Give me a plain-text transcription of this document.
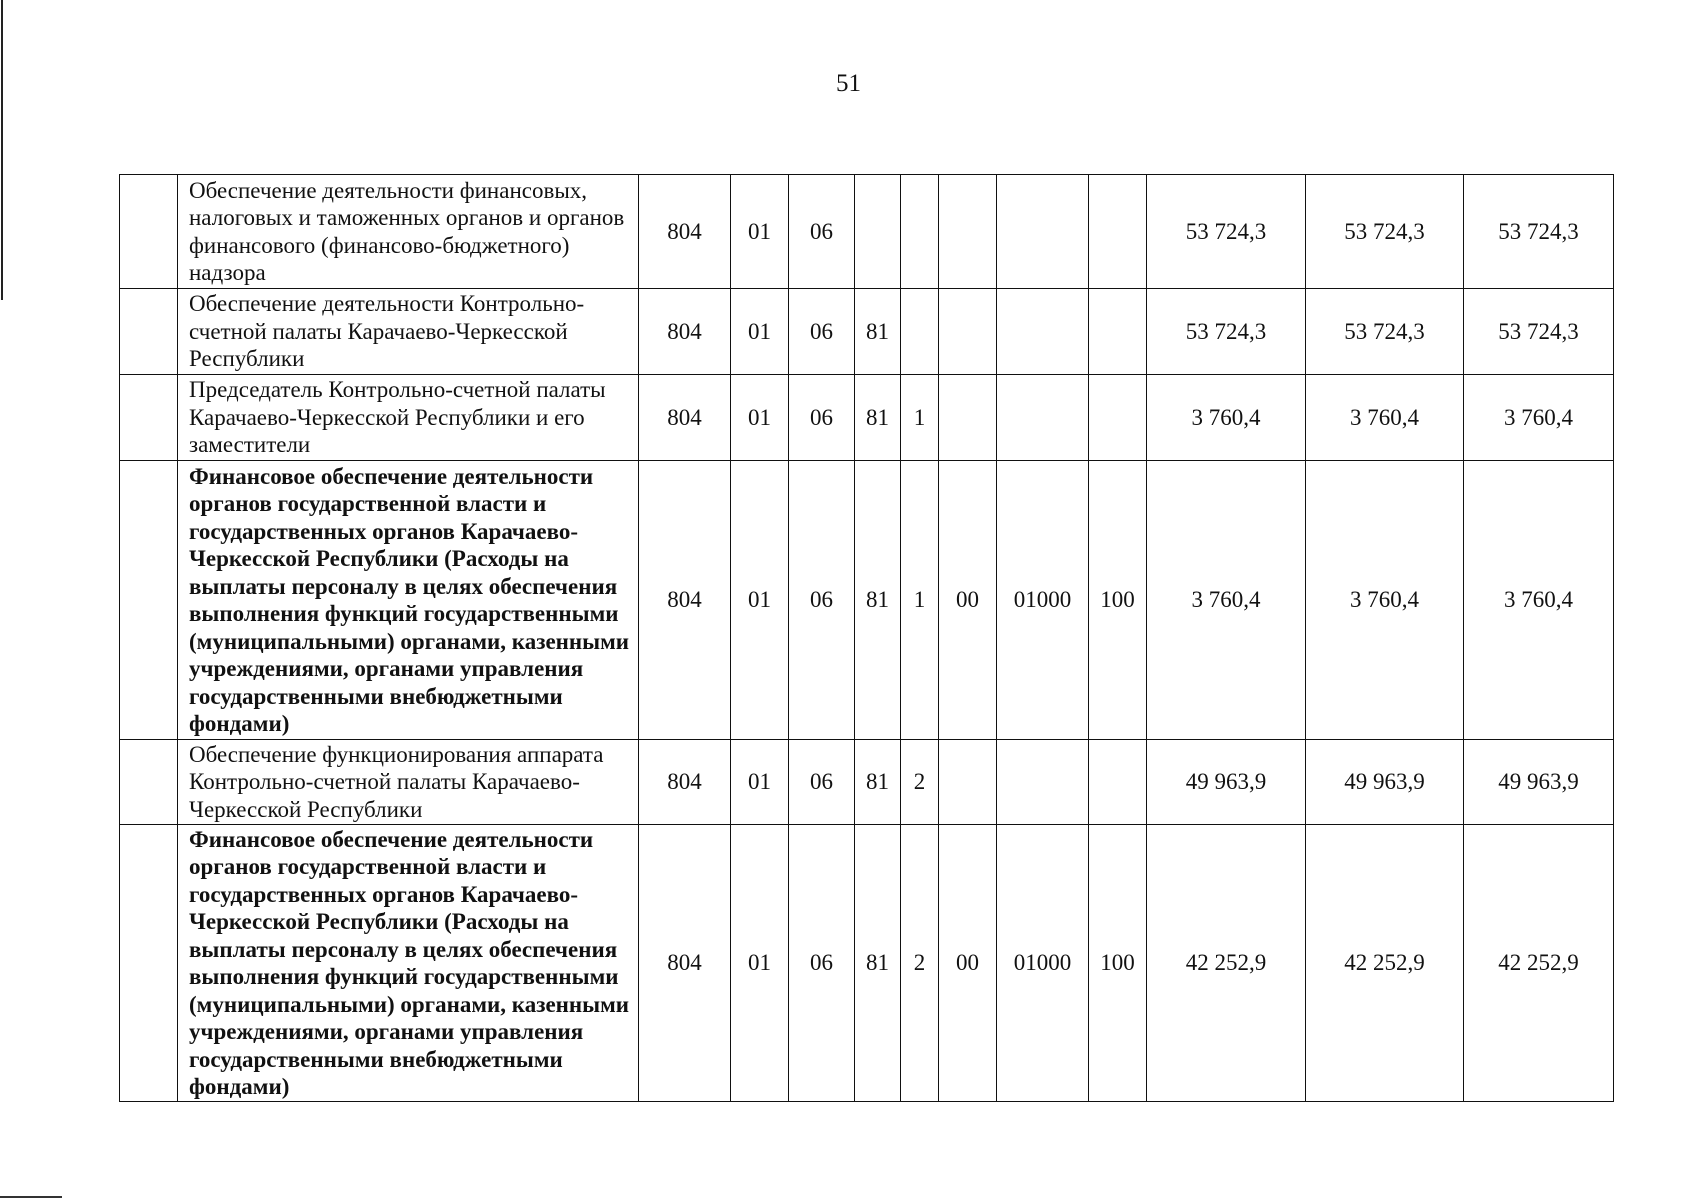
51
	Обеспечение деятельности финансовых, налоговых и таможенных органов и органов финансового (финансово-бюджетного) надзора	804	01	06						53 724,3	53 724,3	53 724,3
	Обеспечение деятельности Контрольно-счетной палаты Карачаево-Черкесской Республики	804	01	06	81					53 724,3	53 724,3	53 724,3
	Председатель Контрольно-счетной палаты Карачаево-Черкесской Республики и его заместители	804	01	06	81	1				3 760,4	3 760,4	3 760,4
	Финансовое обеспечение деятельности органов государственной власти и государственных органов Карачаево-Черкесской Республики (Расходы на выплаты персоналу в целях обеспечения выполнения функций государственными (муниципальными) органами, казенными учреждениями, органами управления государственными внебюджетными фондами)	804	01	06	81	1	00	01000	100	3 760,4	3 760,4	3 760,4
	Обеспечение функционирования аппарата Контрольно-счетной палаты Карачаево-Черкесской Республики	804	01	06	81	2				49 963,9	49 963,9	49 963,9
	Финансовое обеспечение деятельности органов государственной власти и государственных органов Карачаево-Черкесской Республики (Расходы на выплаты персоналу в целях обеспечения выполнения функций государственными (муниципальными) органами, казенными учреждениями, органами управления государственными внебюджетными фондами)	804	01	06	81	2	00	01000	100	42 252,9	42 252,9	42 252,9
